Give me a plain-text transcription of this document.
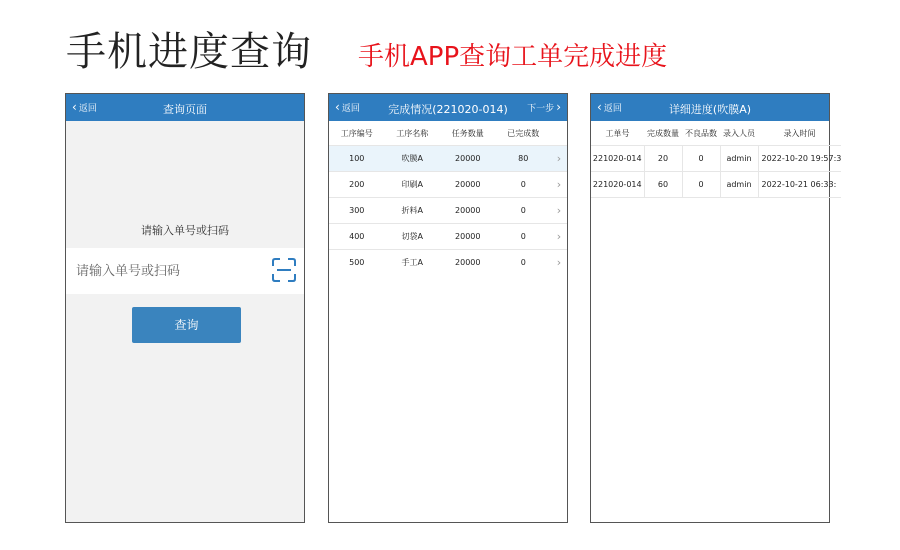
手机进度查询 手机APP查询工单完成进度
‹ 返回	查询页面
请输入单号或扫码
请输入单号或扫码
查询
‹ 返回	完成情况(221020-014)	下一步 ›
工序编号	工序名称	任务数量	已完成数	
100	吹膜A	20000	80	›
200	印刷A	20000	0	›
300	折料A	20000	0	›
400	切袋A	20000	0	›
500	手工A	20000	0	›
‹ 返回	详细进度(吹膜A)
工单号	完成数量	不良品数	录入人员	录入时间
221020-014	20	0	admin	2022-10-20 19:57:3
221020-014	60	0	admin	2022-10-21 06:33:
